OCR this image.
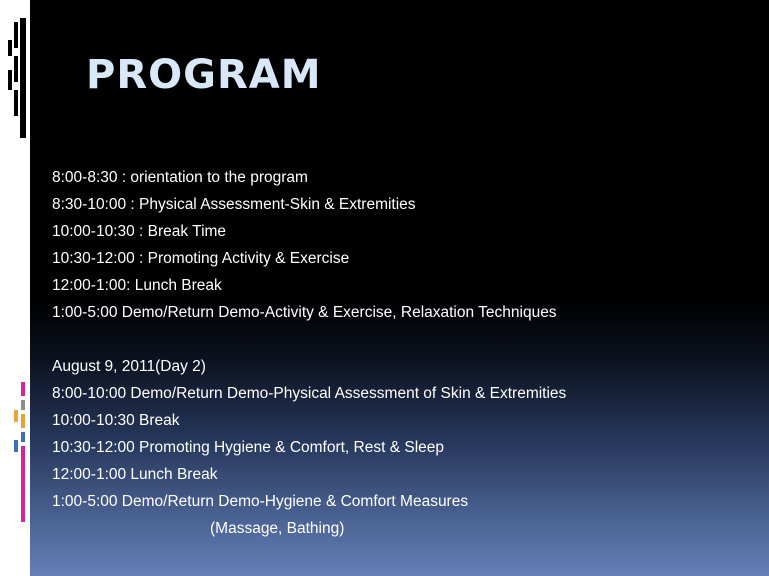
PROGRAM
8:00-8:30 : orientation to the program
8:30-10:00 : Physical Assessment-Skin & Extremities
10:00-10:30 : Break Time
10:30-12:00 : Promoting Activity & Exercise
12:00-1:00: Lunch Break
1:00-5:00 Demo/Return Demo-Activity & Exercise, Relaxation Techniques
August 9, 2011(Day 2)
8:00-10:00 Demo/Return Demo-Physical Assessment of Skin & Extremities
10:00-10:30 Break
10:30-12:00 Promoting Hygiene & Comfort, Rest & Sleep
12:00-1:00 Lunch Break
1:00-5:00 Demo/Return Demo-Hygiene & Comfort Measures
(Massage, Bathing)
